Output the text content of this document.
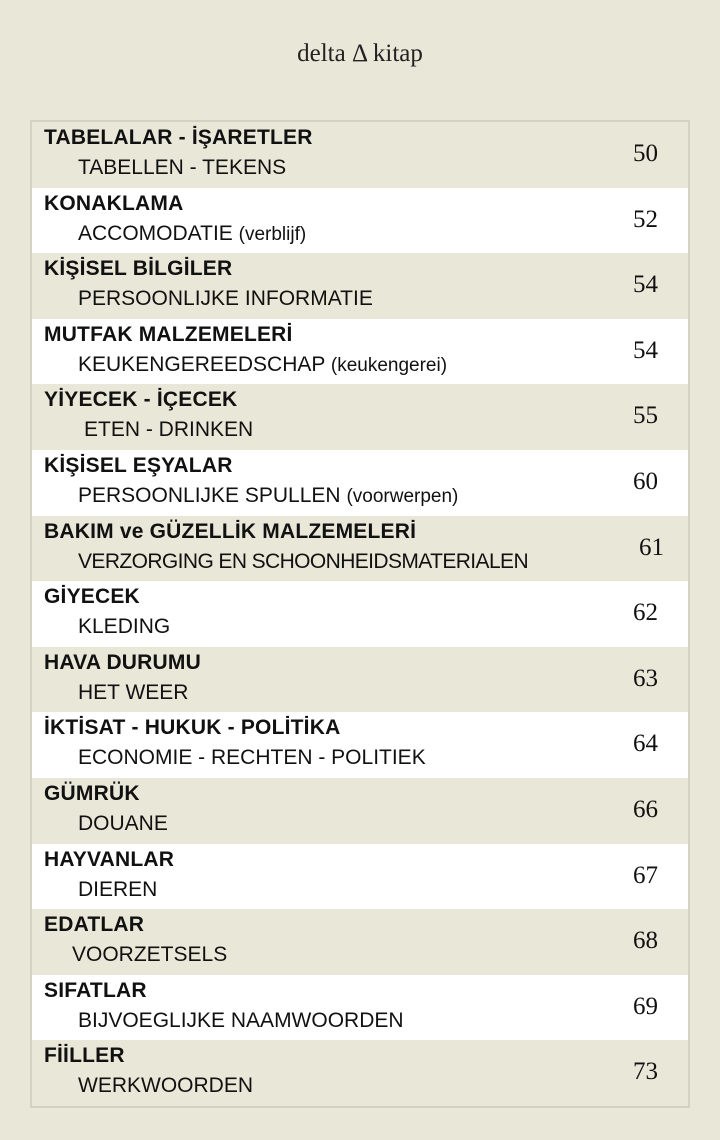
delta Δ kitap
TABELALAR - İŞARETLER
TABELLEN - TEKENS
50
KONAKLAMA
ACCOMODATIE (verblijf)
52
KİŞİSEL BİLGİLER
PERSOONLIJKE INFORMATIE
54
MUTFAK MALZEMELERİ
KEUKENGEREEDSCHAP (keukengerei)
54
YİYECEK - İÇECEK
ETEN - DRINKEN
55
KİŞİSEL EŞYALAR
PERSOONLIJKE SPULLEN (voorwerpen)
60
BAKIM ve GÜZELLİK MALZEMELERİ
VERZORGING EN SCHOONHEIDSMATERIALEN
61
GİYECEK
KLEDING
62
HAVA DURUMU
HET WEER
63
İKTİSAT - HUKUK - POLİTİKA
ECONOMIE - RECHTEN - POLITIEK
64
GÜMRÜK
DOUANE
66
HAYVANLAR
DIEREN
67
EDATLAR
VOORZETSELS
68
SIFATLAR
BIJVOEGLIJKE NAAMWOORDEN
69
FİİLLER
WERKWOORDEN
73
